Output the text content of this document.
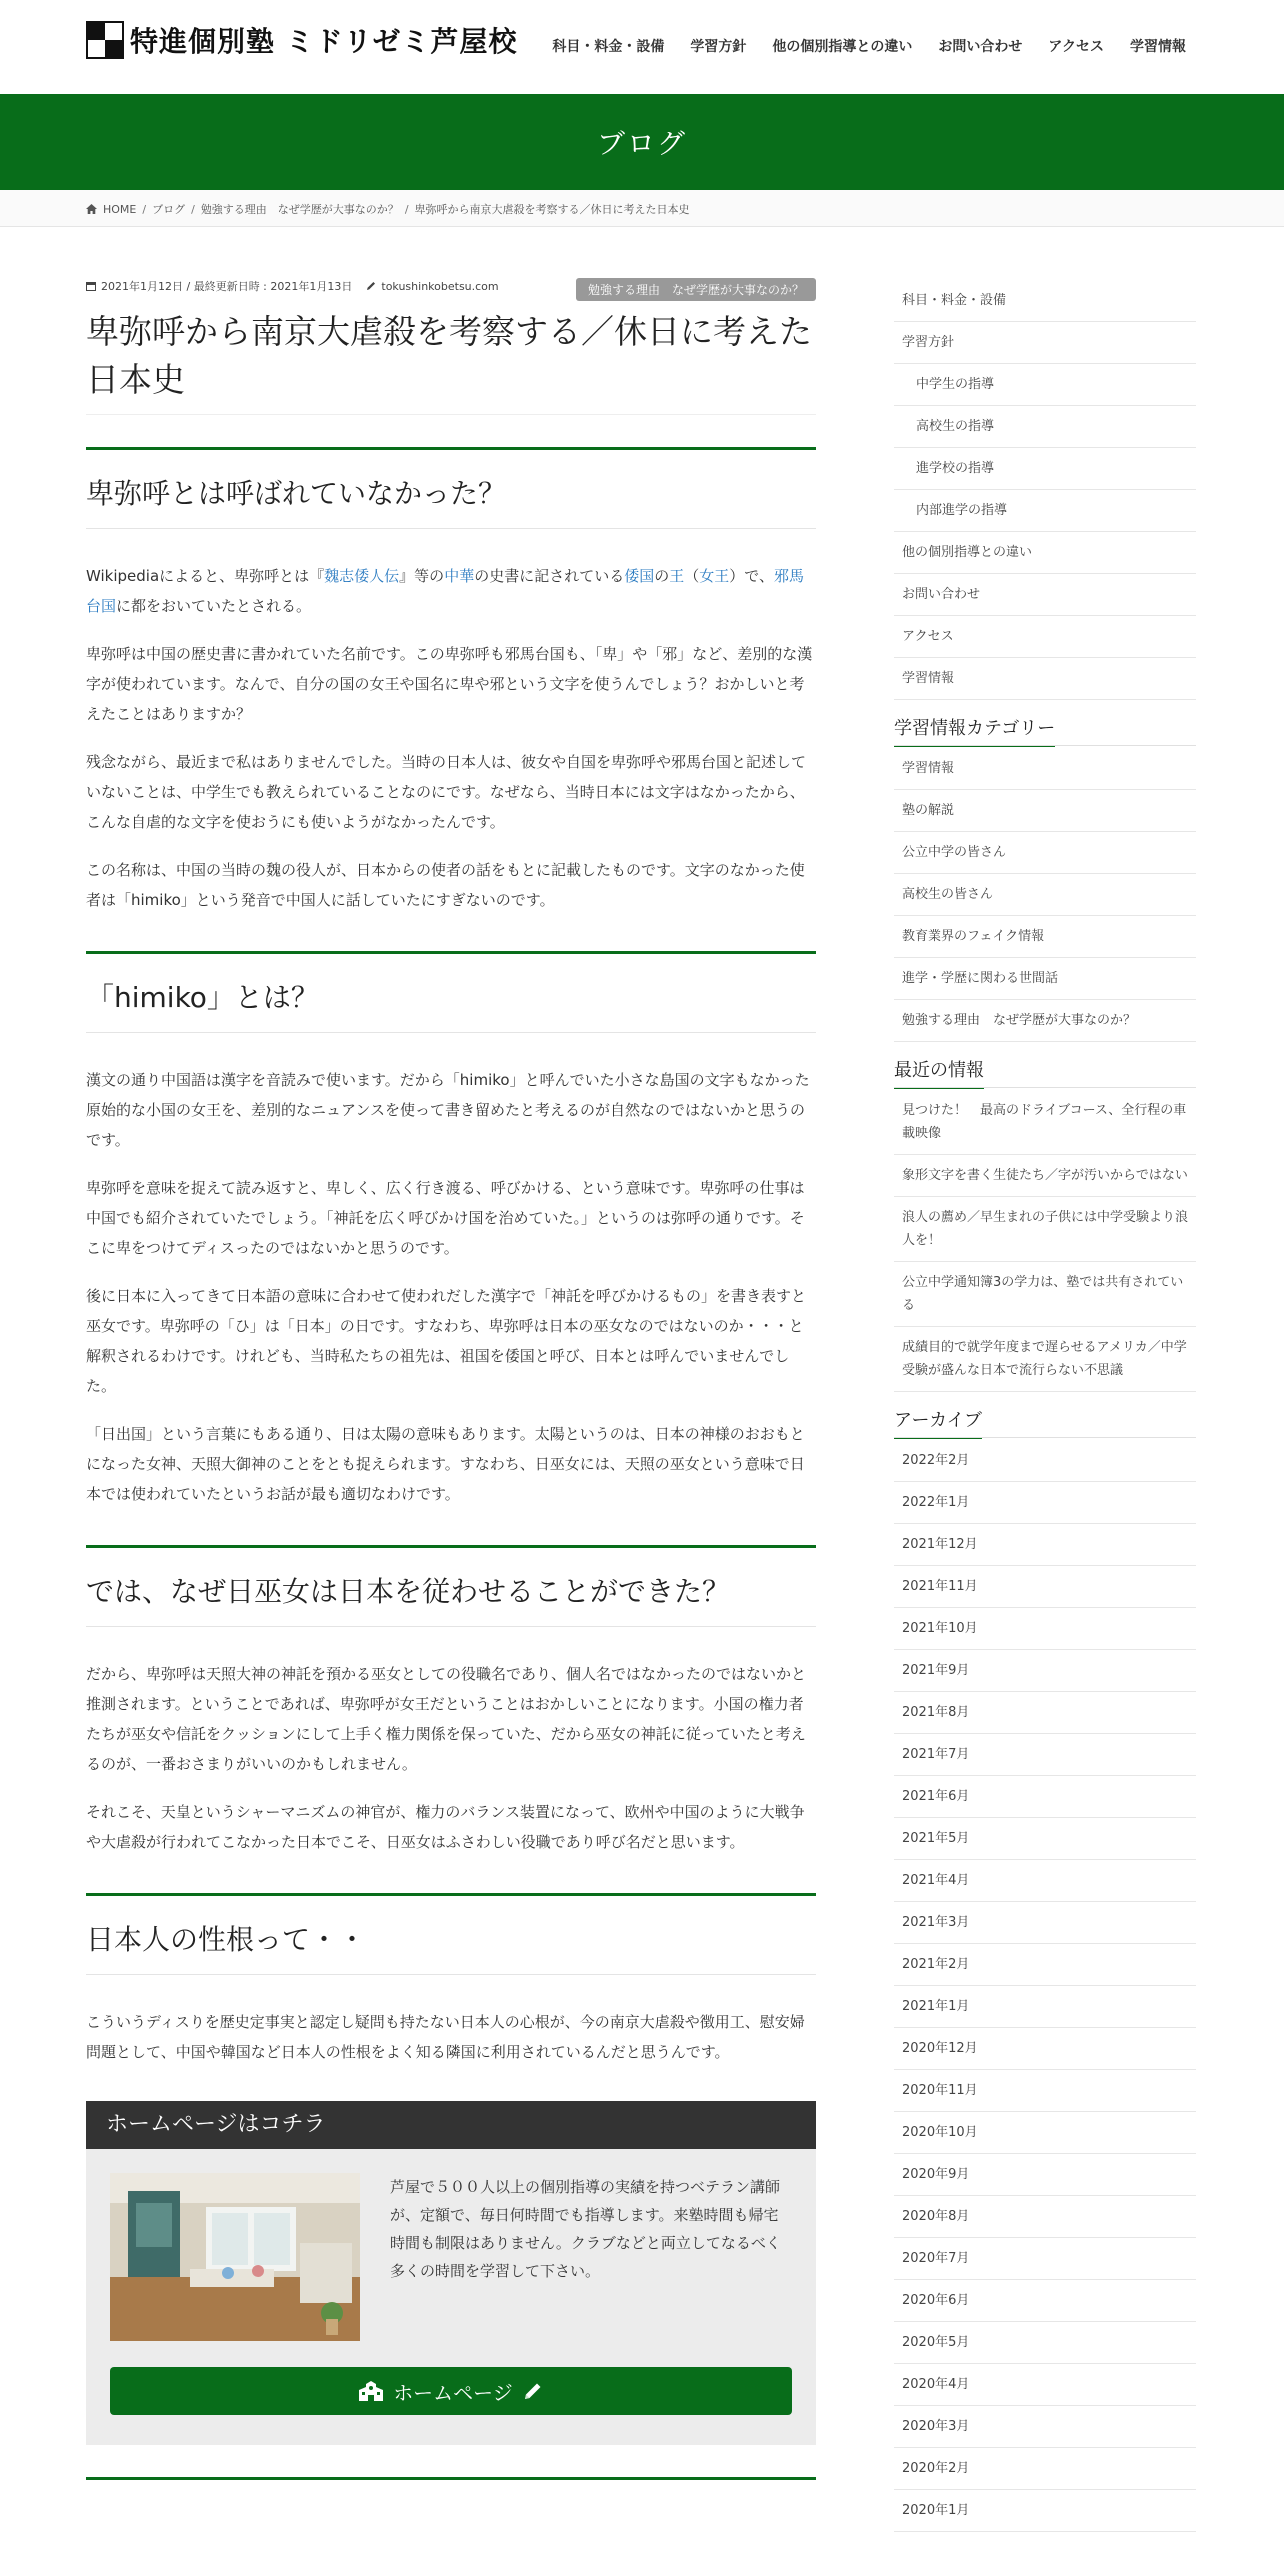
特進個別塾 ミドリゼミ芦屋校 科目・料金・設備 学習方針 他の個別指導との違い お問い合わせ アクセス 学習情報
ブログ
HOME / ブログ / 勉強する理由　なぜ学歴が大事なのか？ / 卑弥呼から南京大虐殺を考察する／休日に考えた日本史
2021年1月12日 / 最終更新日時 : 2021年1月13日	tokushinkobetsu.com	勉強する理由　なぜ学歴が大事なのか？
卑弥呼から南京大虐殺を考察する／休日に考えた日本史
卑弥呼とは呼ばれていなかった？

Wikipediaによると、卑弥呼とは『魏志倭人伝』等の中華の史書に記されている倭国の王（女王）で、邪馬台国に都をおいていたとされる。

卑弥呼は中国の歴史書に書かれていた名前です。この卑弥呼も邪馬台国も、「卑」や「邪」など、差別的な漢字が使われています。なんで、自分の国の女王や国名に卑や邪という文字を使うんでしょう？おかしいと考えたことはありますか？

残念ながら、最近まで私はありませんでした。当時の日本人は、彼女や自国を卑弥呼や邪馬台国と記述していないことは、中学生でも教えられていることなのにです。なぜなら、当時日本には文字はなかったから、こんな自虐的な文字を使おうにも使いようがなかったんです。

この名称は、中国の当時の魏の役人が、日本からの使者の話をもとに記載したものです。文字のなかった使者は「himiko」という発音で中国人に話していたにすぎないのです。

「himiko」とは？

漢文の通り中国語は漢字を音読みで使います。だから「himiko」と呼んでいた小さな島国の文字もなかった原始的な小国の女王を、差別的なニュアンスを使って書き留めたと考えるのが自然なのではないかと思うのです。

卑弥呼を意味を捉えて読み返すと、卑しく、広く行き渡る、呼びかける、という意味です。卑弥呼の仕事は中国でも紹介されていたでしょう。「神託を広く呼びかけ国を治めていた。」というのは弥呼の通りです。そこに卑をつけてディスったのではないかと思うのです。

後に日本に入ってきて日本語の意味に合わせて使われだした漢字で「神託を呼びかけるもの」を書き表すと巫女です。卑弥呼の「ひ」は「日本」の日です。すなわち、卑弥呼は日本の巫女なのではないのか・・・と解釈されるわけです。けれども、当時私たちの祖先は、祖国を倭国と呼び、日本とは呼んでいませんでした。

「日出国」という言葉にもある通り、日は太陽の意味もあります。太陽というのは、日本の神様のおおもとになった女神、天照大御神のことをとも捉えられます。すなわち、日巫女には、天照の巫女という意味で日本では使われていたというお話が最も適切なわけです。

では、なぜ日巫女は日本を従わせることができた？

だから、卑弥呼は天照大神の神託を預かる巫女としての役職名であり、個人名ではなかったのではないかと推測されます。ということであれば、卑弥呼が女王だということはおかしいことになります。小国の権力者たちが巫女や信託をクッションにして上手く権力関係を保っていた、だから巫女の神託に従っていたと考えるのが、一番おさまりがいいのかもしれません。

それこそ、天皇というシャーマニズムの神官が、権力のバランス装置になって、欧州や中国のように大戦争や大虐殺が行われてこなかった日本でこそ、日巫女はふさわしい役職であり呼び名だと思います。

日本人の性根って・・

こういうディスりを歴史定事実と認定し疑問も持たない日本人の心根が、今の南京大虐殺や徴用工、慰安婦問題として、中国や韓国など日本人の性根をよく知る隣国に利用されているんだと思うんです。

ホームページはコチラ
芦屋で５００人以上の個別指導の実績を持つベテラン講師が、定額で、毎日何時間でも指導します。来塾時間も帰宅時間も制限はありません。クラブなどと両立してなるべく多くの時間を学習して下さい。
ホームページ
科目・料金・設備
学習方針
中学生の指導
高校生の指導
進学校の指導
内部進学の指導
他の個別指導との違い
お問い合わせ
アクセス
学習情報
学習情報カテゴリー
学習情報
塾の解説
公立中学の皆さん
高校生の皆さん
教育業界のフェイク情報
進学・学歴に関わる世間話
勉強する理由　なぜ学歴が大事なのか？
最近の情報
見つけた！　最高のドライブコース、全行程の車載映像
象形文字を書く生徒たち／字が汚いからではない
浪人の薦め／早生まれの子供には中学受験より浪人を！
公立中学通知簿3の学力は、塾では共有されている
成績目的で就学年度まで遅らせるアメリカ／中学受験が盛んな日本で流行らない不思議
アーカイブ
2022年2月
2022年1月
2021年12月
2021年11月
2021年10月
2021年9月
2021年8月
2021年7月
2021年6月
2021年5月
2021年4月
2021年3月
2021年2月
2021年1月
2020年12月
2020年11月
2020年10月
2020年9月
2020年8月
2020年7月
2020年6月
2020年5月
2020年4月
2020年3月
2020年2月
2020年1月
